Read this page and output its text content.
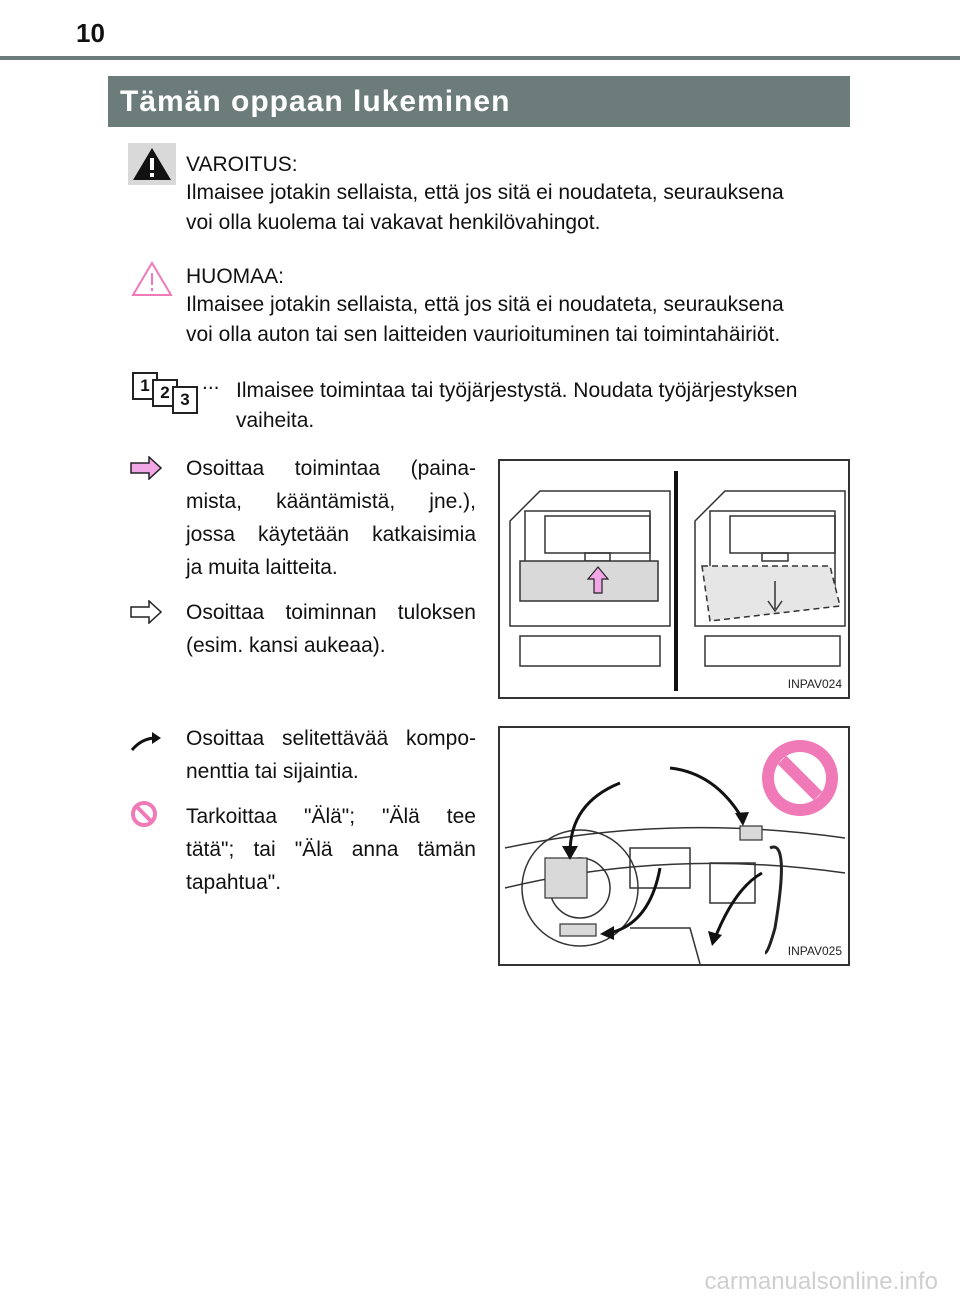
10
Tämän oppaan lukeminen
VAROITUS:
Ilmaisee jotakin sellaista, että jos sitä ei noudateta, seurauksena
voi olla kuolema tai vakavat henkilövahingot.
HUOMAA:
Ilmaisee jotakin sellaista, että jos sitä ei noudateta, seurauksena
voi olla auton tai sen laitteiden vaurioituminen tai toimintahäiriöt.
1 2 3
... Ilmaisee toimintaa tai työjärjestystä. Noudata työjärjestyksen
vaiheita.
Osoittaa toimintaa (paina-
mista, kääntämistä, jne.),
jossa käytetään katkaisimia
ja muita laitteita.
Osoittaa toiminnan tuloksen
(esim. kansi aukeaa).
INPAV024
Osoittaa selitettävää kompo-
nenttia tai sijaintia.
Tarkoittaa "Älä"; "Älä tee
tätä"; tai "Älä anna tämän
tapahtua".
INPAV025
carmanualsonline.info
